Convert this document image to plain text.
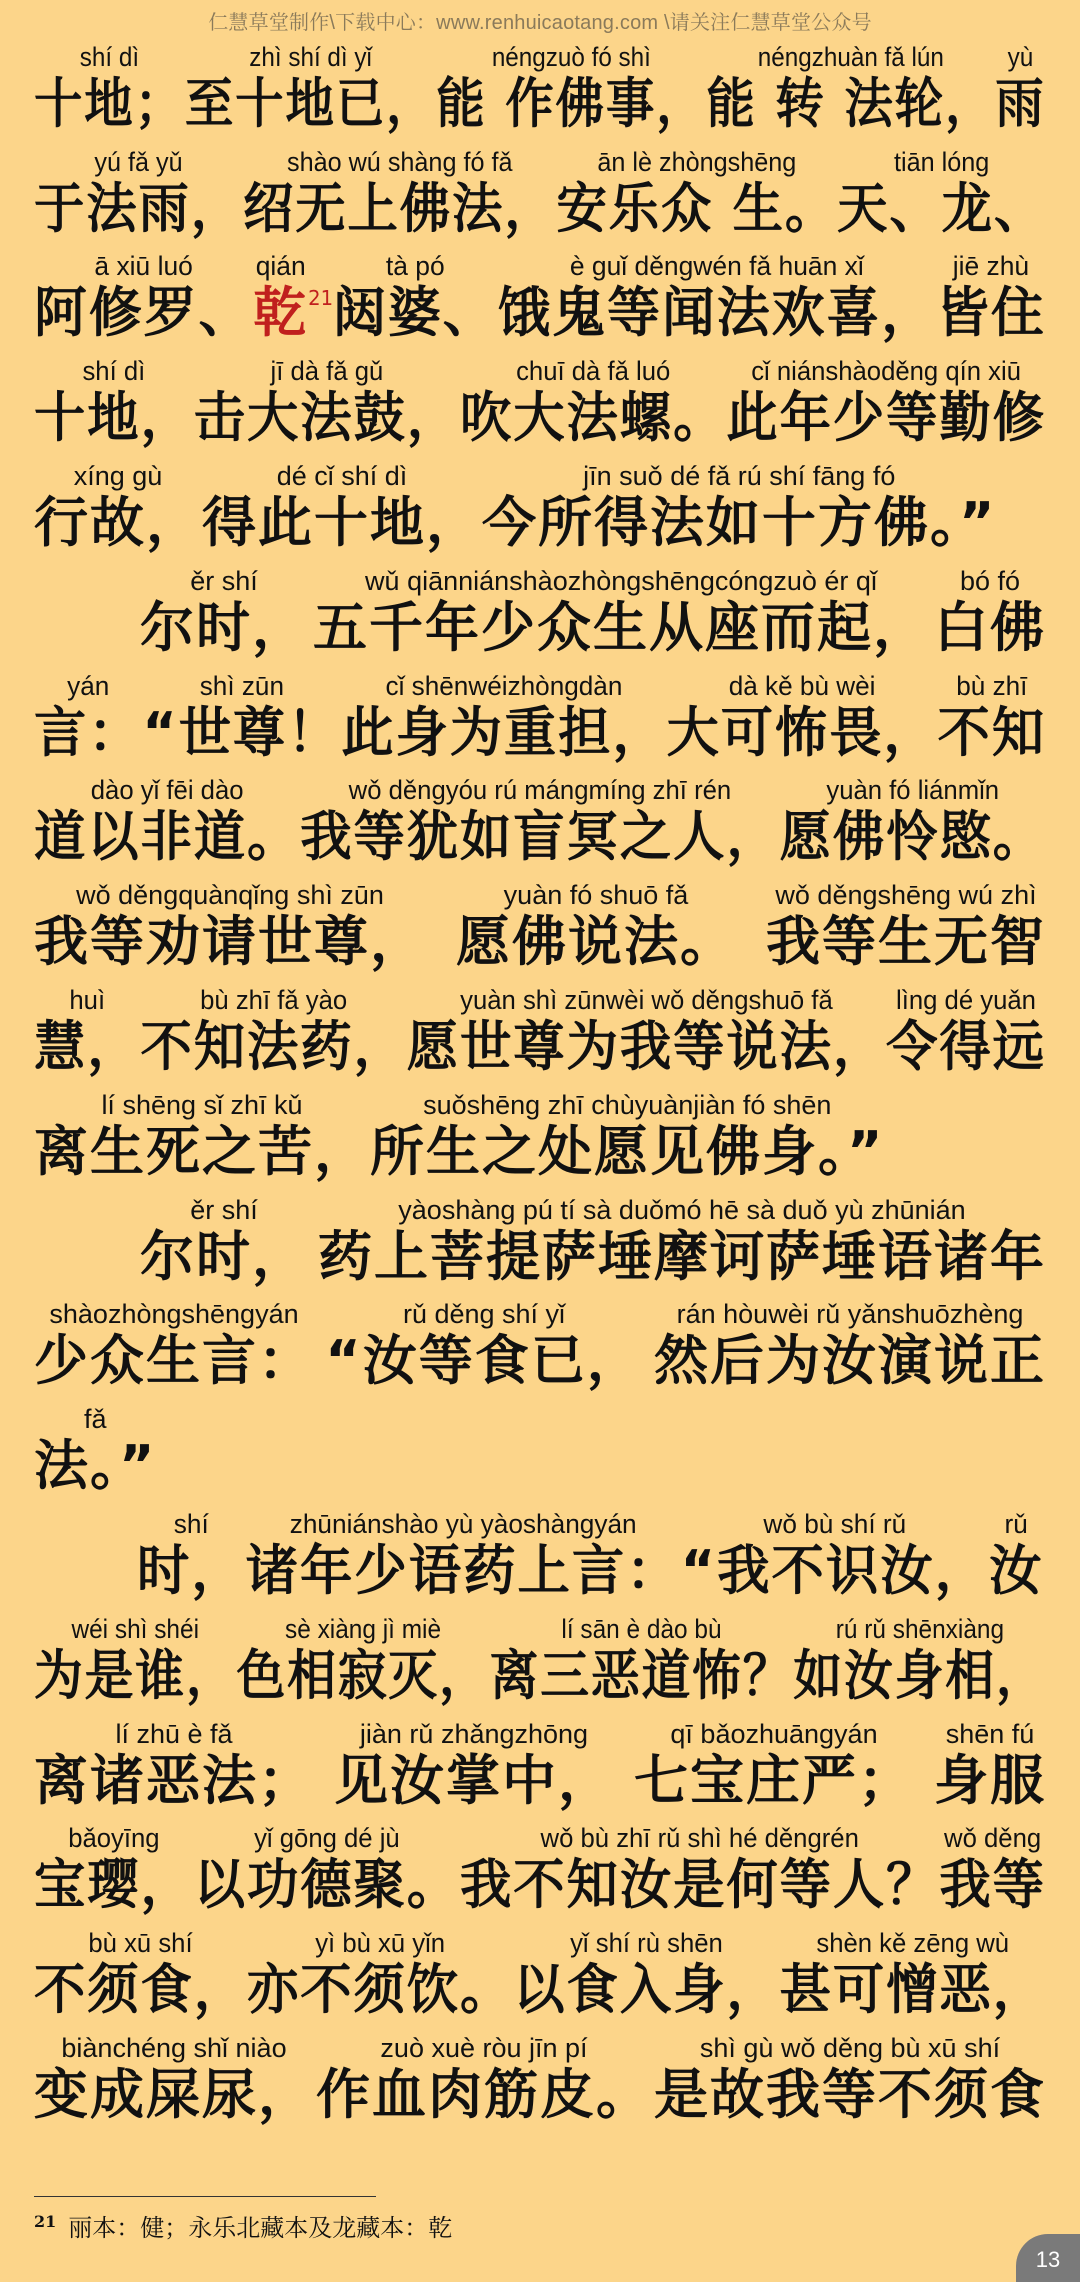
仁慧草堂制作\下载中心：www.renhuicaotang.com \请关注仁慧草堂公众号
shí dì
十地；
zhì shí dì yǐ
至十地已，
néngzuò fó shì
能 作佛事，
néngzhuàn fǎ lún
能 转 法轮，
yù
雨
yú fǎ yǔ
于法雨，
shào wú shàng fó fǎ
绍无上佛法，
ān lè zhòngshēng
安乐众 生。
tiān lóng
天、龙、
ā xiū luó
阿修罗、
qián
乾 21
tà pó
闼婆、
è guǐ děngwén fǎ huān xǐ
饿鬼等闻法欢喜，
jiē zhù
皆住
shí dì
十地，
jī dà fǎ gǔ
击大法鼓，
chuī dà fǎ luó
吹大法螺。
cǐ niánshàoděng qín xiū
此年少等勤修
xíng gù
行故，
dé cǐ shí dì
得此十地，
jīn suǒ dé fǎ rú shí fāng fó
今所得法如十方佛。”
ěr shí
尔时，
wǔ qiānniánshàozhòngshēngcóngzuò ér qǐ
五千年少众生从座而起，
bó fó
白佛
yán
言：
shì zūn
“世尊！
cǐ shēnwéizhòngdàn
此身为重担，
dà kě bù wèi
大可怖畏，
bù zhī
不知
dào yǐ fēi dào
道以非道。
wǒ děngyóu rú mángmíng zhī rén
我等犹如盲冥之人，
yuàn fó liánmǐn
愿佛怜愍。
wǒ děngquànqǐng shì zūn
我等劝请世尊，
yuàn fó shuō fǎ
愿佛说法。
wǒ děngshēng wú zhì
我等生无智
huì
慧，
bù zhī fǎ yào
不知法药，
yuàn shì zūnwèi wǒ děngshuō fǎ
愿世尊为我等说法，
lìng dé yuǎn
令得远
lí shēng sǐ zhī kǔ
离生死之苦，
suǒshēng zhī chùyuànjiàn fó shēn
所生之处愿见佛身。”
ěr shí
尔时，
yàoshàng pú tí sà duǒmó hē sà duǒ yù zhūnián
药上菩提萨埵摩诃萨埵语诸年
shàozhòngshēngyán
少众生言：
rǔ děng shí yǐ
“汝等食已，
rán hòuwèi rǔ yǎnshuōzhèng
然后为汝演说正
fǎ
法。”
shí
时，
zhūniánshào yù yàoshàngyán
诸年少语药上言：
wǒ bù shí rǔ
“我不识汝，
rǔ
汝
wéi shì shéi
为是谁，
sè xiàng jì miè
色相寂灭，
lí sān è dào bù
离三恶道怖？
rú rǔ shēnxiàng
如汝身相，
lí zhū è fǎ
离诸恶法；
jiàn rǔ zhǎngzhōng
见汝掌中，
qī bǎozhuāngyán
七宝庄严；
shēn fú
身服
bǎoyīng
宝璎，
yǐ gōng dé jù
以功德聚。
wǒ bù zhī rǔ shì hé děngrén
我不知汝是何等人？
wǒ děng
我等
bù xū shí
不须食，
yì bù xū yǐn
亦不须饮。
yǐ shí rù shēn
以食入身，
shèn kě zēng wù
甚可憎恶，
biànchéng shǐ niào
变成屎尿，
zuò xuè ròu jīn pí
作血肉筋皮。
shì gù wǒ děng bù xū shí
是故我等不须食
$^{21}$ 丽本：健；永乐北藏本及龙藏本：乾
13
